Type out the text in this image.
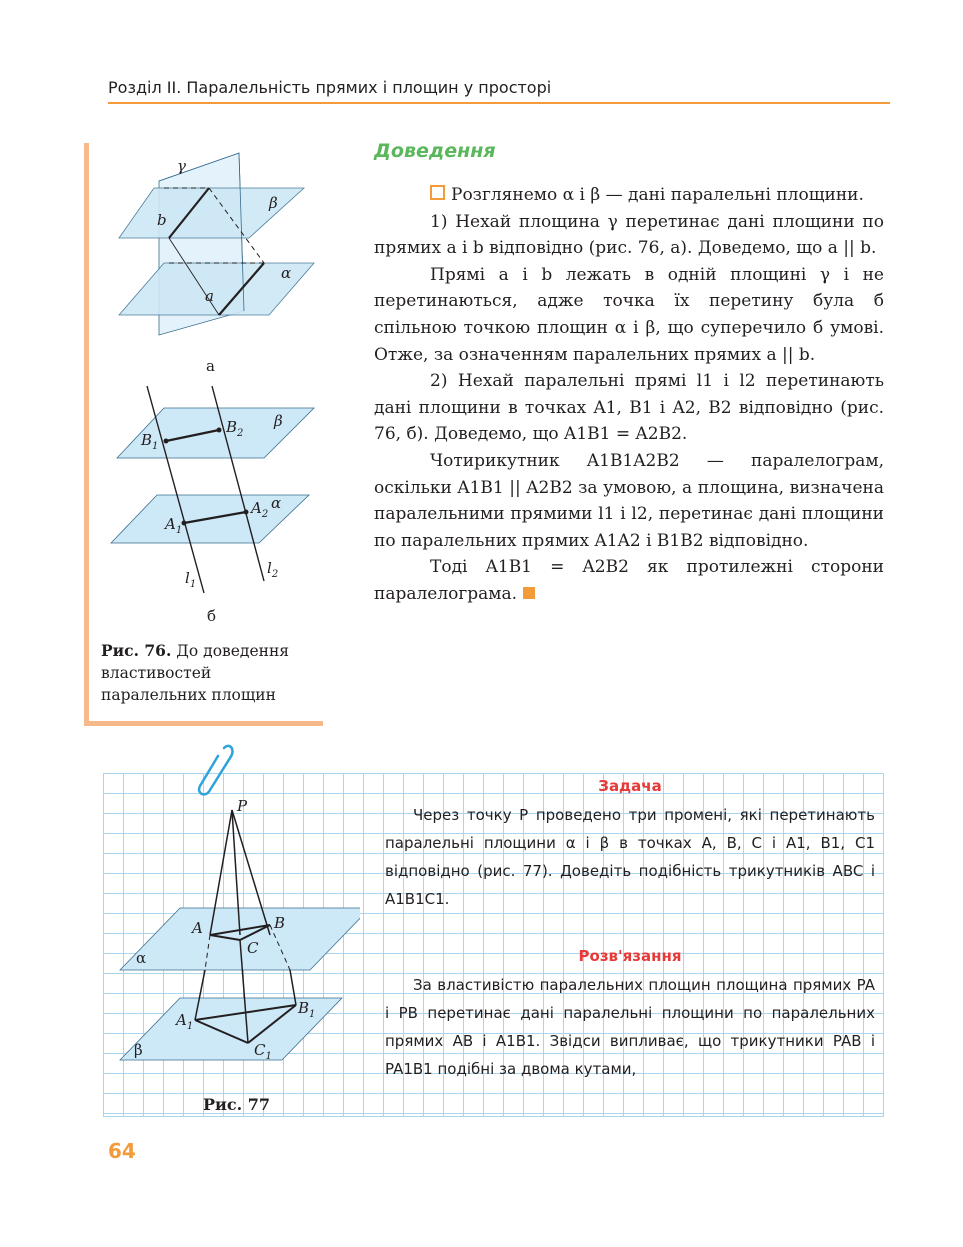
Розділ ІІ. Паралельність прямих і площин у просторі
γ
β
α
b
a
а
$B_1$
$B_2$
$A_1$
$A_2$
β
α
$l_1$
$l_2$
б
Рис. 76. До доведення властивостей паралельних площин
Доведення

Розглянемо α і β — дані паралельні площини.

1) Нехай площина γ перетинає дані площини по прямих a і b відповідно (рис. 76, а). Доведемо, що a || b.

Прямі a і b лежать в одній площині γ і не перетинаються, адже точка їх перетину була б спільною точкою площин α і β, що суперечило б умові. Отже, за означенням паралельних прямих a || b.

2) Нехай паралельні прямі l1 і l2 перетинають дані площини в точках A1, B1 і A2, B2 відповідно (рис. 76, б). Доведемо, що A1B1 = A2B2.

Чотирикутник A1B1A2B2 — паралелограм, оскільки A1B1 || A2B2 за умовою, а площина, визначена паралельними прямими l1 і l2, перетинає дані площини по паралельних прямих A1A2 і B1B2 відповідно.

Тоді A1B1 = A2B2 як протилежні сторони паралелограма.

P
A	B
C
$A_1$
$B_1$
$C_1$
α
β
Рис. 77
Задача

Через точку P проведено три промені, які перетинають паралельні площини α і β в точках A, B, C і A1, B1, C1 відповідно (рис. 77). Доведіть подібність трикутників ABC і A1B1C1.

Розв'язання

За властивістю паралельних площин площина прямих PA і PB перетинає дані паралельні площини по паралельних прямих AB і A1B1. Звідси випливає, що трикутники PAB і PA1B1 подібні за двома кутами,

64
